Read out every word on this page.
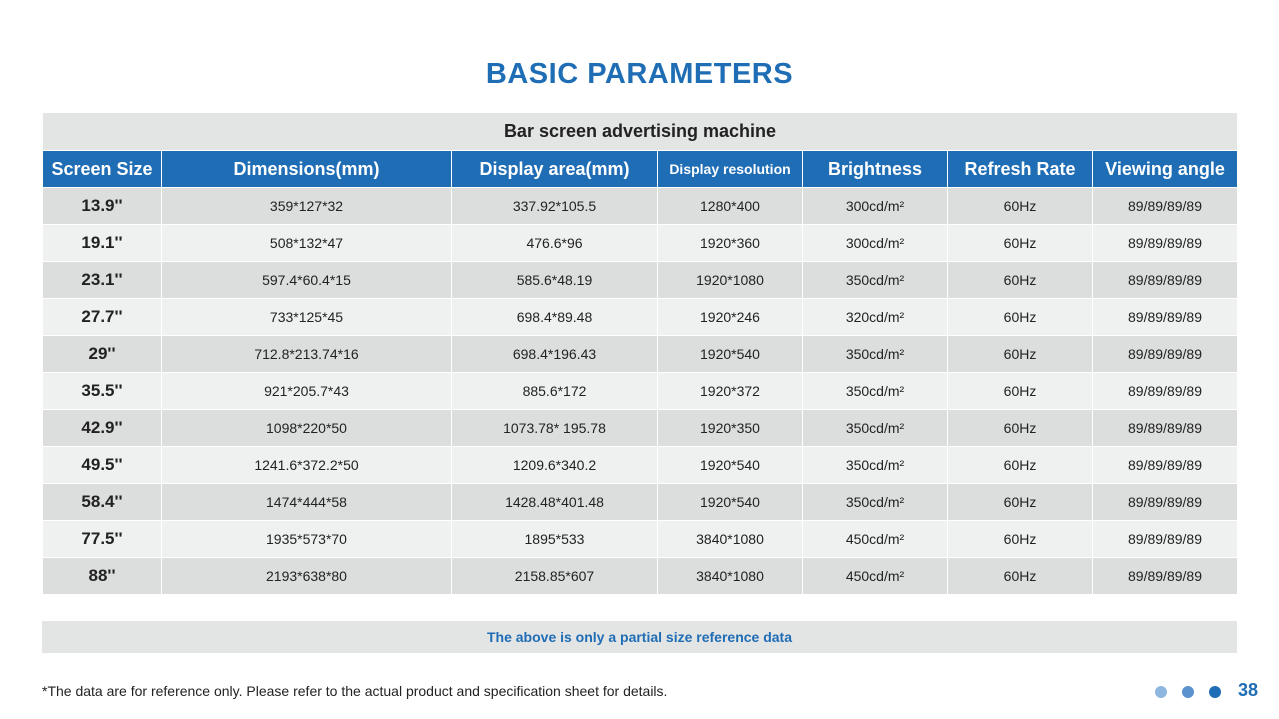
BASIC PARAMETERS
Bar screen advertising machine						
Screen Size	Dimensions(mm)	Display area(mm)	Display resolution	Brightness	Refresh Rate	Viewing angle
13.9''	359*127*32	337.92*105.5	1280*400	300cd/m²	60Hz	89/89/89/89
19.1''	508*132*47	476.6*96	1920*360	300cd/m²	60Hz	89/89/89/89
23.1''	597.4*60.4*15	585.6*48.19	1920*1080	350cd/m²	60Hz	89/89/89/89
27.7''	733*125*45	698.4*89.48	1920*246	320cd/m²	60Hz	89/89/89/89
29''	712.8*213.74*16	698.4*196.43	1920*540	350cd/m²	60Hz	89/89/89/89
35.5''	921*205.7*43	885.6*172	1920*372	350cd/m²	60Hz	89/89/89/89
42.9''	1098*220*50	1073.78* 195.78	1920*350	350cd/m²	60Hz	89/89/89/89
49.5''	1241.6*372.2*50	1209.6*340.2	1920*540	350cd/m²	60Hz	89/89/89/89
58.4''	1474*444*58	1428.48*401.48	1920*540	350cd/m²	60Hz	89/89/89/89
77.5''	1935*573*70	1895*533	3840*1080	450cd/m²	60Hz	89/89/89/89
88''	2193*638*80	2158.85*607	3840*1080	450cd/m²	60Hz	89/89/89/89
The above is only a partial size reference data
*The data are for reference only. Please refer to the actual product and specification sheet for details.	38
